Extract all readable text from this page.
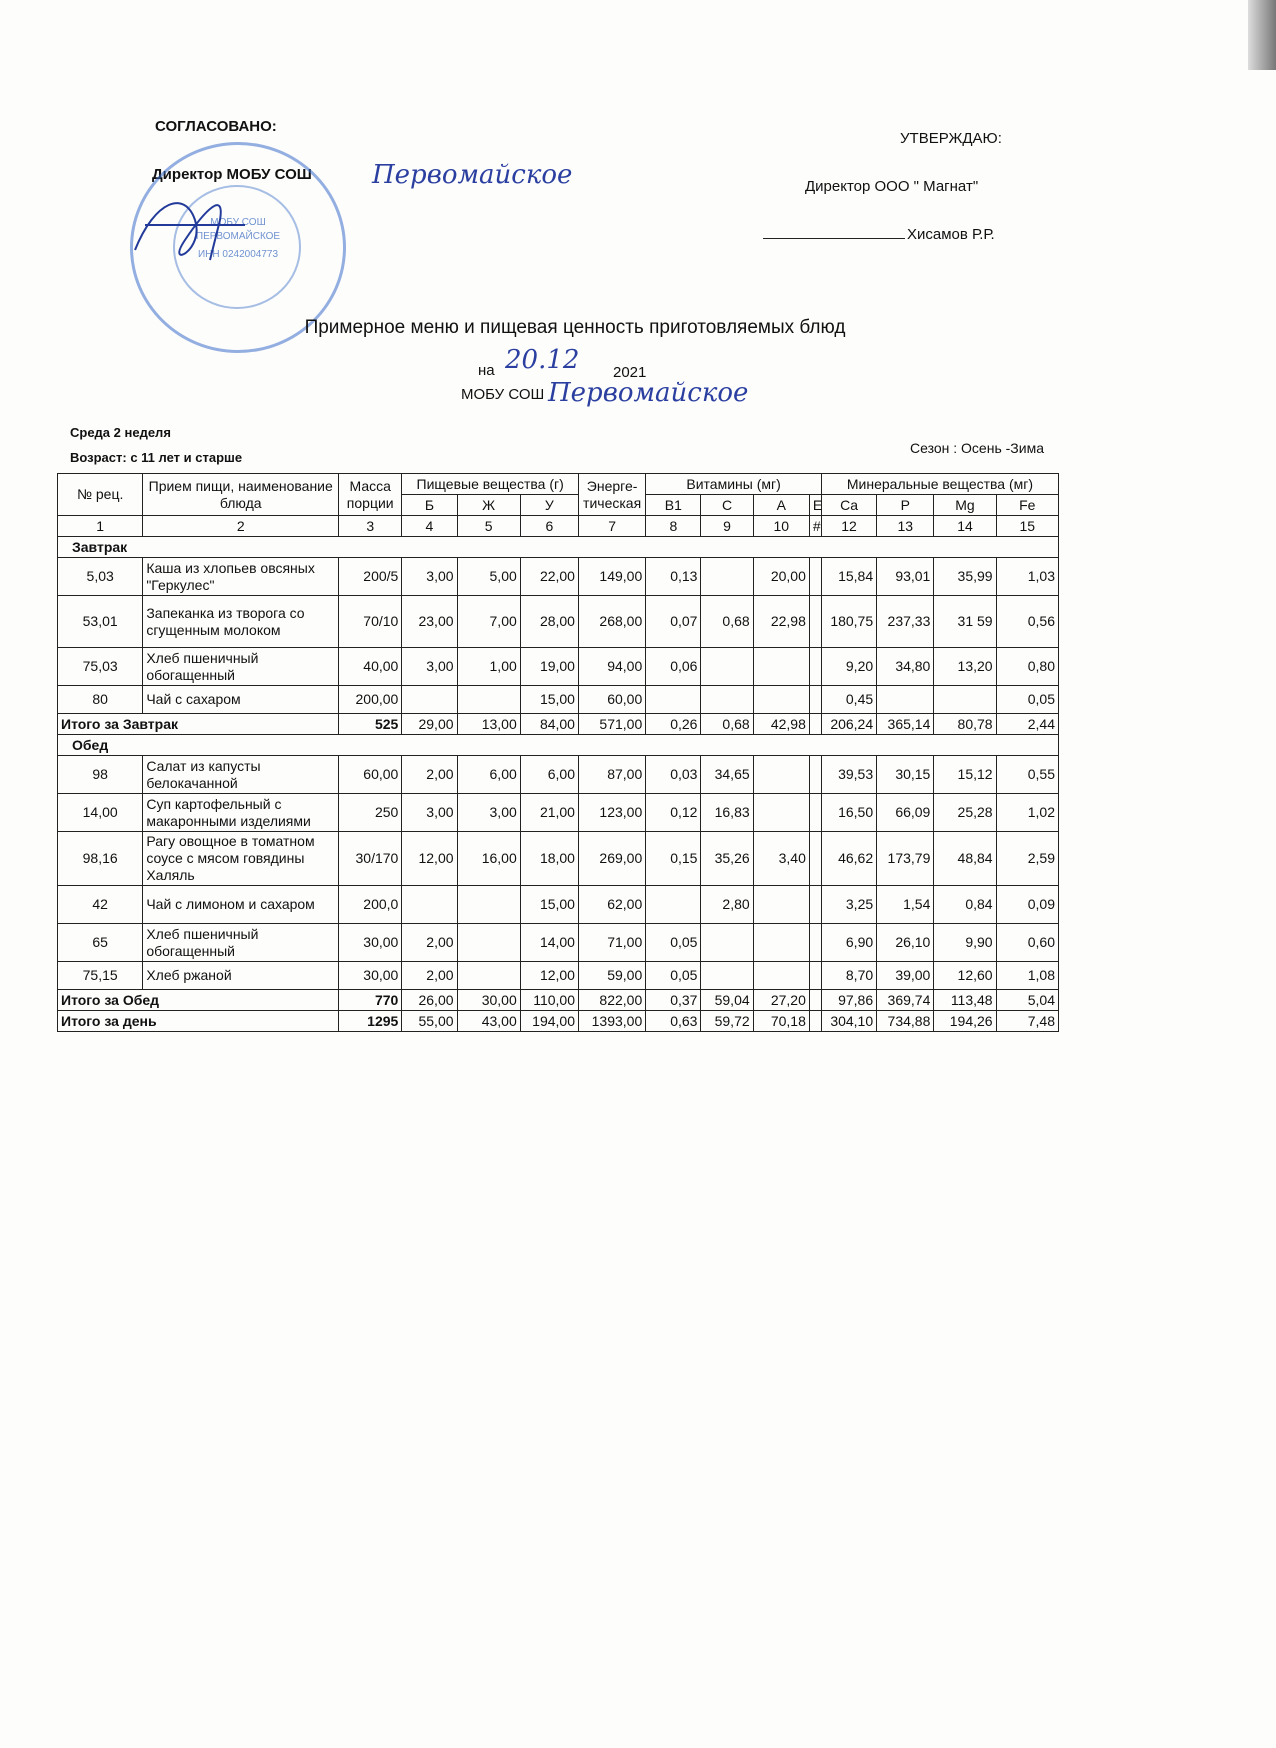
СОГЛАСОВАНО:
Директор МОБУ СОШ Первомайское
МОБУ СОШ
ПЕРВОМАЙСКОЕ
ИНН 0242004773
УТВЕРЖДАЮ:
Директор ООО " Магнат"
Хисамов Р.Р.
Примерное меню и пищевая ценность приготовляемых блюд
на 20.12 2021
МОБУ СОШ Первомайское
Среда 2 неделя
Возраст: с 11 лет и старше
Сезон : Осень -Зима
№ рец.	Прием пищи, наименование блюда	Масса порции	Пищевые вещества (г)			Энерге-тическая	Витамины (мг)				Минеральные вещества (мг)			
			Б	Ж	У		B1	C	A	E	Ca	P	Mg	Fe
1	2	3	4	5	6	7	8	9	10	#	12	13	14	15
Завтрак														
5,03	Каша из хлопьев овсяных "Геркулес"	200/5	3,00	5,00	22,00	149,00	0,13		20,00		15,84	93,01	35,99	1,03
53,01	Запеканка из творога со сгущенным молоком	70/10	23,00	7,00	28,00	268,00	0,07	0,68	22,98		180,75	237,33	31 59	0,56
75,03	Хлеб пшеничный обогащенный	40,00	3,00	1,00	19,00	94,00	0,06				9,20	34,80	13,20	0,80
80	Чай с сахаром	200,00			15,00	60,00					0,45			0,05
Итого за Завтрак		525	29,00	13,00	84,00	571,00	0,26	0,68	42,98		206,24	365,14	80,78	2,44
Обед														
98	Салат из капусты белокачанной	60,00	2,00	6,00	6,00	87,00	0,03	34,65			39,53	30,15	15,12	0,55
14,00	Суп картофельный с макаронными изделиями	250	3,00	3,00	21,00	123,00	0,12	16,83			16,50	66,09	25,28	1,02
98,16	Рагу овощное в томатном соусе с мясом говядины Халяль	30/170	12,00	16,00	18,00	269,00	0,15	35,26	3,40		46,62	173,79	48,84	2,59
42	Чай с лимоном и сахаром	200,0			15,00	62,00		2,80			3,25	1,54	0,84	0,09
65	Хлеб пшеничный обогащенный	30,00	2,00		14,00	71,00	0,05				6,90	26,10	9,90	0,60
75,15	Хлеб ржаной	30,00	2,00		12,00	59,00	0,05				8,70	39,00	12,60	1,08
Итого за Обед		770	26,00	30,00	110,00	822,00	0,37	59,04	27,20		97,86	369,74	113,48	5,04
Итого за день		1295	55,00	43,00	194,00	1393,00	0,63	59,72	70,18		304,10	734,88	194,26	7,48
